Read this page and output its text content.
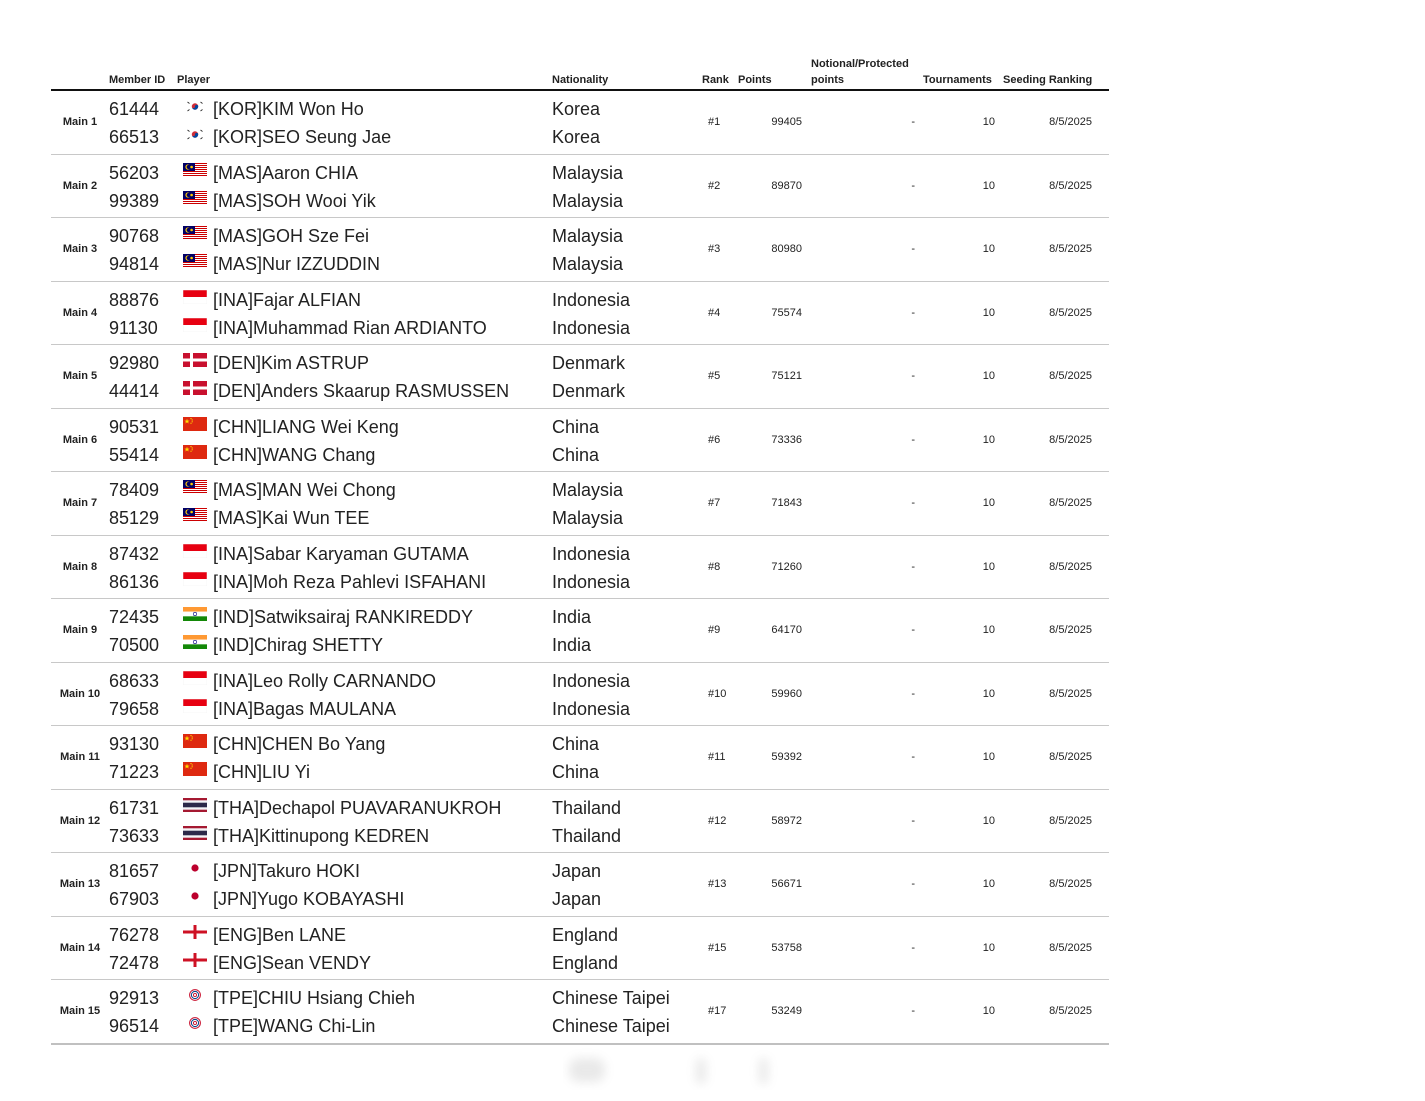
Member ID Player	Nationality	Rank Points
Notional/Protected
points	Tournaments Seeding Ranking
Main 1
61444	[KOR]KIM Won Ho	Korea
66513	[KOR]SEO Seung Jae	Korea
#1	99405	-	10	8/5/2025
Main 2
56203	[MAS]Aaron CHIA	Malaysia
99389	[MAS]SOH Wooi Yik	Malaysia
#2	89870	-	10	8/5/2025
Main 3
90768	[MAS]GOH Sze Fei	Malaysia
94814	[MAS]Nur IZZUDDIN	Malaysia
#3	80980	-	10	8/5/2025
Main 4
88876	[INA]Fajar ALFIAN	Indonesia
91130	[INA]Muhammad Rian ARDIANTO	Indonesia
#4	75574	-	10	8/5/2025
Main 5
92980	[DEN]Kim ASTRUP	Denmark
44414	[DEN]Anders Skaarup RASMUSSEN Denmark
#5	75121	-	10	8/5/2025
Main 6
90531	[CHN]LIANG Wei Keng	China
55414	[CHN]WANG Chang	China
#6	73336	-	10	8/5/2025
Main 7
78409	[MAS]MAN Wei Chong	Malaysia
85129	[MAS]Kai Wun TEE	Malaysia
#7	71843	-	10	8/5/2025
Main 8
87432	[INA]Sabar Karyaman GUTAMA	Indonesia
86136	[INA]Moh Reza Pahlevi ISFAHANI	Indonesia
#8	71260	-	10	8/5/2025
Main 9
72435	[IND]Satwiksairaj RANKIREDDY	India
70500	[IND]Chirag SHETTY	India
#9	64170	-	10	8/5/2025
Main 10
68633	[INA]Leo Rolly CARNANDO	Indonesia
79658	[INA]Bagas MAULANA	Indonesia
#10	59960	-	10	8/5/2025
Main 11
93130	[CHN]CHEN Bo Yang	China
71223	[CHN]LIU Yi	China
#11	59392	-	10	8/5/2025
Main 12
61731	[THA]Dechapol PUAVARANUKROH	Thailand
73633	[THA]Kittinupong KEDREN	Thailand
#12	58972	-	10	8/5/2025
Main 13
81657	[JPN]Takuro HOKI	Japan
67903	[JPN]Yugo KOBAYASHI	Japan
#13	56671	-	10	8/5/2025
Main 14
76278	[ENG]Ben LANE	England
72478	[ENG]Sean VENDY	England
#15	53758	-	10	8/5/2025
Main 15
92913	[TPE]CHIU Hsiang Chieh	Chinese Taipei
96514	[TPE]WANG Chi-Lin	Chinese Taipei
#17	53249	-	10	8/5/2025
